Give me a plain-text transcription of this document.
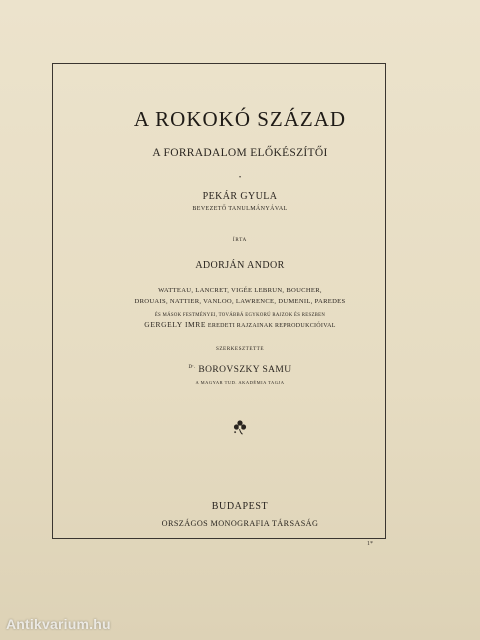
A ROKOKÓ SZÁZAD
A FORRADALOM ELŐKÉSZÍTŐI
•
PEKÁR GYULA
BEVEZETŐ TANULMÁNYÁVAL
ÍRTA
ADORJÁN ANDOR
WATTEAU, LANCRET, VIGÉE LEBRUN, BOUCHER,
DROUAIS, NATTIER, VANLOO, LAWRENCE, DUMENIL, PAREDES
ÉS MÁSOK FESTMÉNYEI, TOVÁBBÁ EGYKORÚ RAJZOK ÉS RESZBEN
GERGELY IMRE EREDETI RAJZAINAK REPRODUKCIÓIVAL
SZERKESZTETTE
$^{Dʳ.}$ BOROVSZKY SAMU
A MAGYAR TUD. AKADÉMIA TAGJA
BUDAPEST
ORSZÁGOS MONOGRAFIA TÁRSASÁG
1*
Antikvarium.hu
